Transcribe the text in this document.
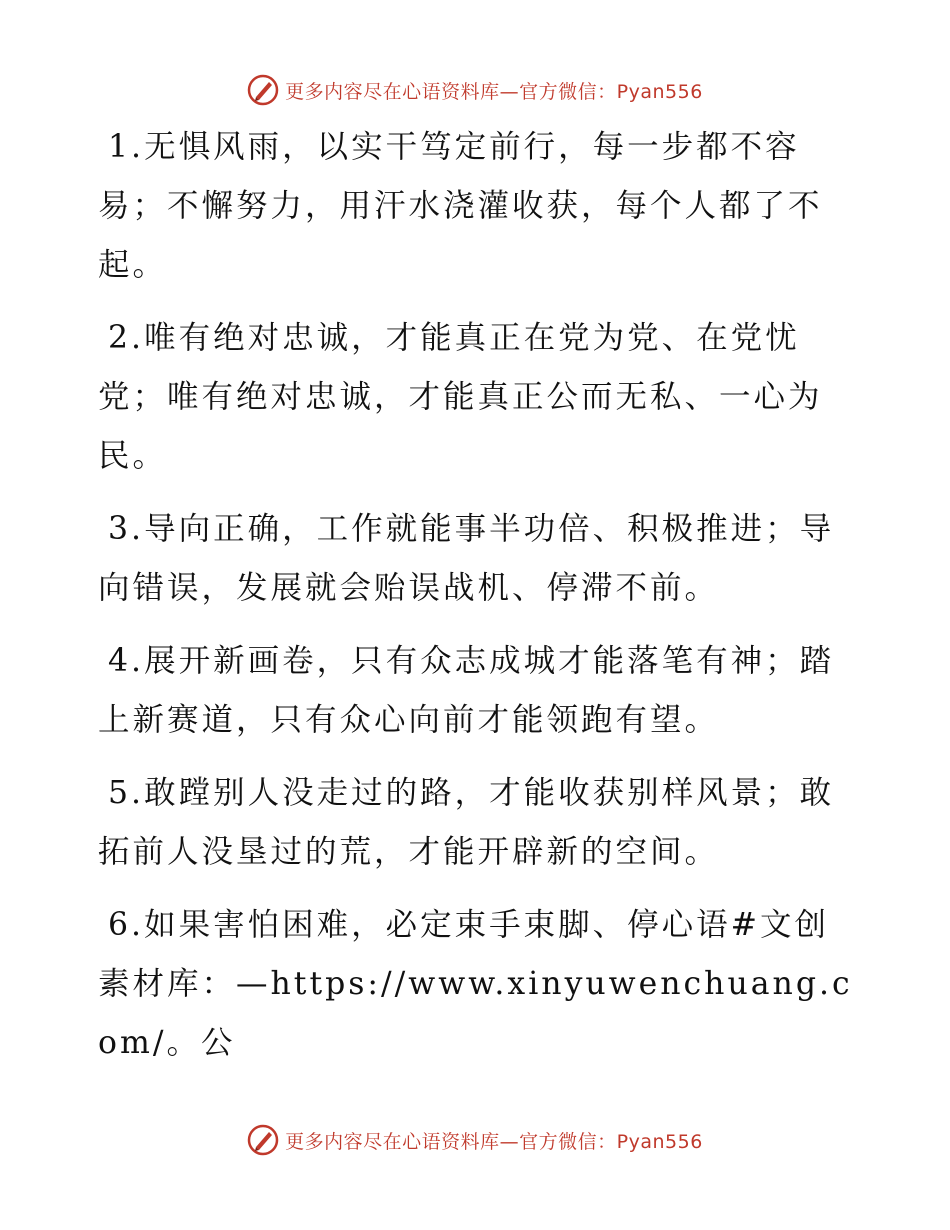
更多内容尽在心语资料库—官方微信：Pyan556

1.无惧风雨，以实干笃定前行，每一步都不容易；不懈努力，用汗水浇灌收获，每个人都了不起。

2.唯有绝对忠诚，才能真正在党为党、在党忧党；唯有绝对忠诚，才能真正公而无私、一心为民。

3.导向正确，工作就能事半功倍、积极推进；导向错误，发展就会贻误战机、停滞不前。

4.展开新画卷，只有众志成城才能落笔有神；踏上新赛道，只有众心向前才能领跑有望。

5.敢蹚别人没走过的路，才能收获别样风景；敢拓前人没垦过的荒，才能开辟新的空间。

6.如果害怕困难，必定束手束脚、停心语#文创素材库：—https://www.xinyuwenchuang.com/。公

更多内容尽在心语资料库—官方微信：Pyan556
